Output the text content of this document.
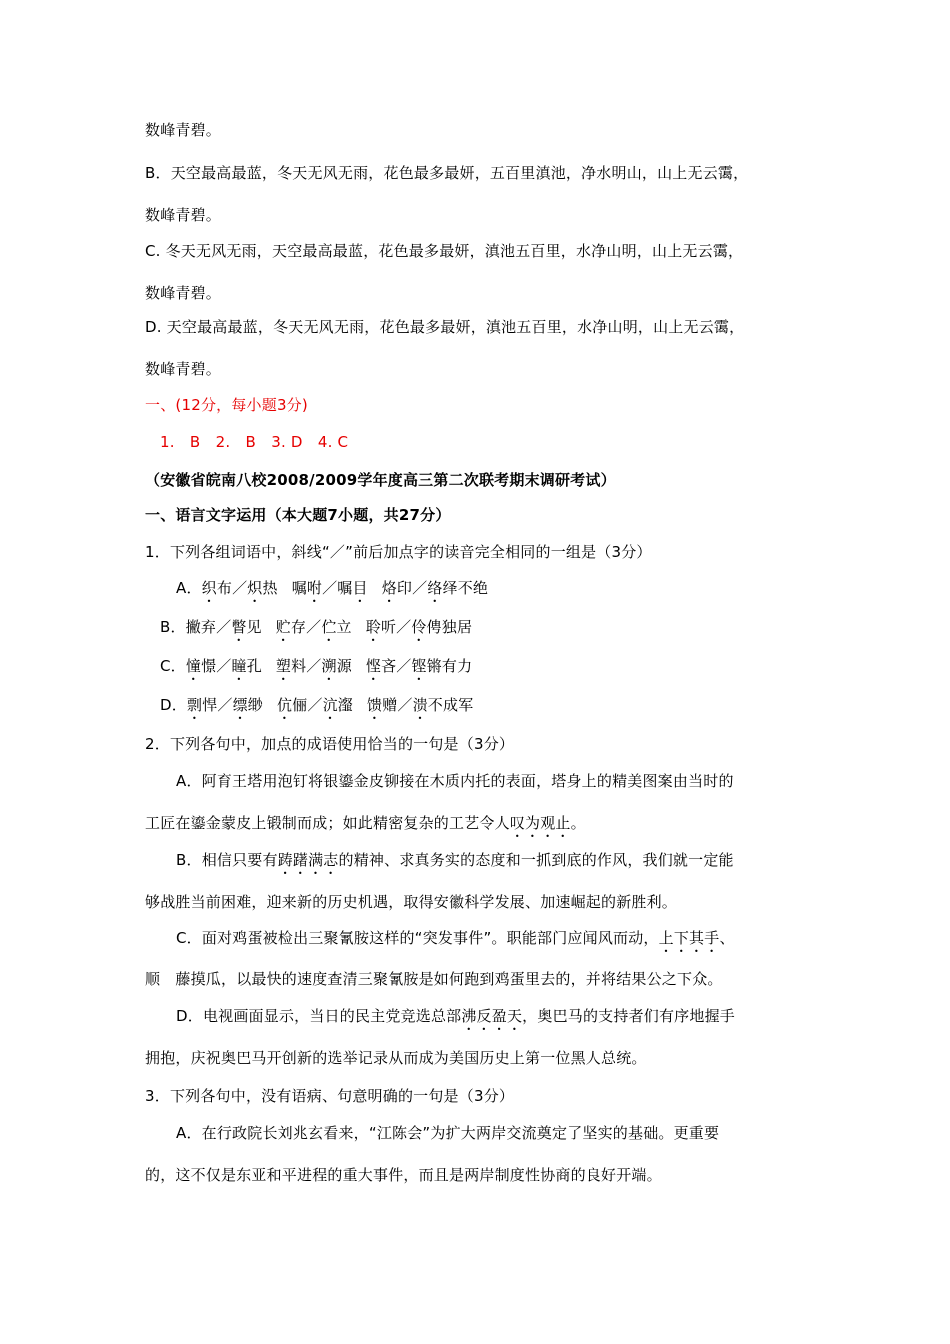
数峰青碧。
B．天空最高最蓝，冬天无风无雨，花色最多最妍，五百里滇池，净水明山，山上无云霭，
数峰青碧。
C. 冬天无风无雨，天空最高最蓝，花色最多最妍，滇池五百里，水净山明，山上无云霭，
数峰青碧。
D. 天空最高最蓝，冬天无风无雨，花色最多最妍，滇池五百里，水净山明，山上无云霭，
数峰青碧。
一、(12分，每小题3分)
1.　B　2.　B　3. D　4. C
（安徽省皖南八校2008/2009学年度高三第二次联考期末调研考试）
一、语言文字运用（本大题7小题，共27分）
1．下列各组词语中，斜线“／”前后加点字的读音完全相同的一组是（3分）
A．织布／炽热 嘱咐／嘱目 烙印／络绎不绝
B．撇弃／瞥见 贮存／伫立 聆听／伶俜独居
C．憧憬／瞳孔 塑料／溯源 悭吝／铿锵有力
D．剽悍／缥缈 伉俪／沆瀣 馈赠／溃不成军
2．下列各句中，加点的成语使用恰当的一句是（3分）
A．阿育王塔用泡钉将银鎏金皮铆接在木质内托的表面，塔身上的精美图案由当时的
工匠在鎏金蒙皮上锻制而成；如此精密复杂的工艺令人叹为观止。
B．相信只要有踌躇满志的精神、求真务实的态度和一抓到底的作风，我们就一定能
够战胜当前困难，迎来新的历史机遇，取得安徽科学发展、加速崛起的新胜利。
C．面对鸡蛋被检出三聚氰胺这样的“突发事件”。职能部门应闻风而动，上下其手、
顺　藤摸瓜，以最快的速度查清三聚氰胺是如何跑到鸡蛋里去的，并将结果公之下众。
D．电视画面显示，当日的民主党竞选总部沸反盈天，奥巴马的支持者们有序地握手
拥抱，庆祝奥巴马开创新的选举记录从而成为美国历史上第一位黑人总统。
3．下列各句中，没有语病、句意明确的一句是（3分）
A．在行政院长刘兆玄看来，“江陈会”为扩大两岸交流奠定了坚实的基础。更重要
的，这不仅是东亚和平进程的重大事件，而且是两岸制度性协商的良好开端。
